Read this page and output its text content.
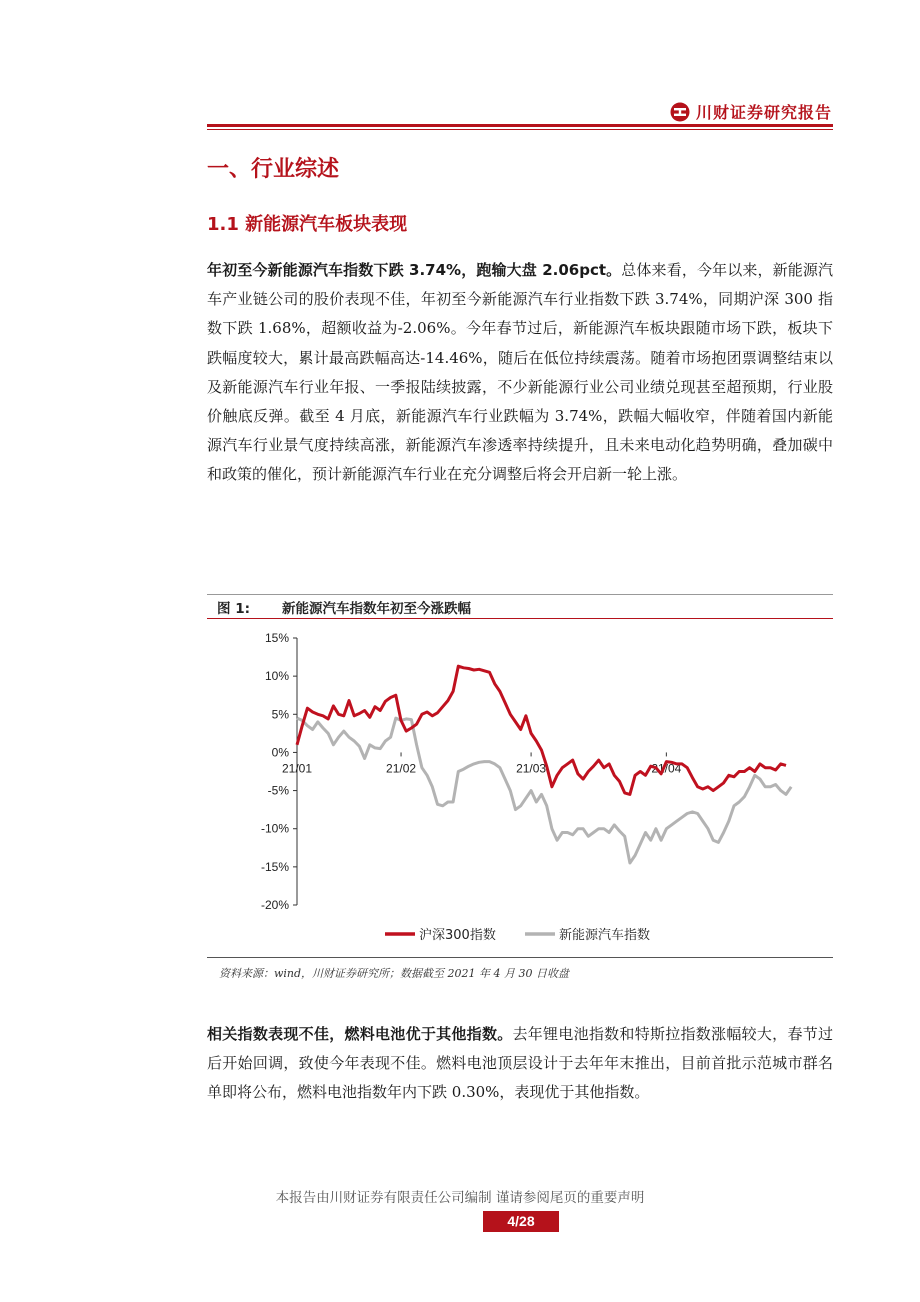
川财证券研究报告
一、行业综述
1.1 新能源汽车板块表现

年初至今新能源汽车指数下跌 3.74%，跑输大盘 2.06pct。总体来看，今年以来，新能源汽车产业链公司的股价表现不佳，年初至今新能源汽车行业指数下跌 3.74%，同期沪深 300 指数下跌 1.68%，超额收益为-2.06%。今年春节过后，新能源汽车板块跟随市场下跌，板块下跌幅度较大，累计最高跌幅高达-14.46%，随后在低位持续震荡。随着市场抱团票调整结束以及新能源汽车行业年报、一季报陆续披露，不少新能源行业公司业绩兑现甚至超预期，行业股价触底反弹。截至 4 月底，新能源汽车行业跌幅为 3.74%，跌幅大幅收窄，伴随着国内新能源汽车行业景气度持续高涨，新能源汽车渗透率持续提升，且未来电动化趋势明确，叠加碳中和政策的催化，预计新能源汽车行业在充分调整后将会开启新一轮上涨。

图 1: 新能源汽车指数年初至今涨跌幅
15%
10%
5%
0%
-5%
-10%
-15%
-20%
21/01	21/02	21/03	21/04
沪深300指数	新能源汽车指数
资料来源：wind，川财证券研究所；数据截至 2021 年 4 月 30 日收盘

相关指数表现不佳，燃料电池优于其他指数。去年锂电池指数和特斯拉指数涨幅较大，春节过后开始回调，致使今年表现不佳。燃料电池顶层设计于去年年末推出，目前首批示范城市群名单即将公布，燃料电池指数年内下跌 0.30%，表现优于其他指数。

本报告由川财证券有限责任公司编制 谨请参阅尾页的重要声明
4/28
